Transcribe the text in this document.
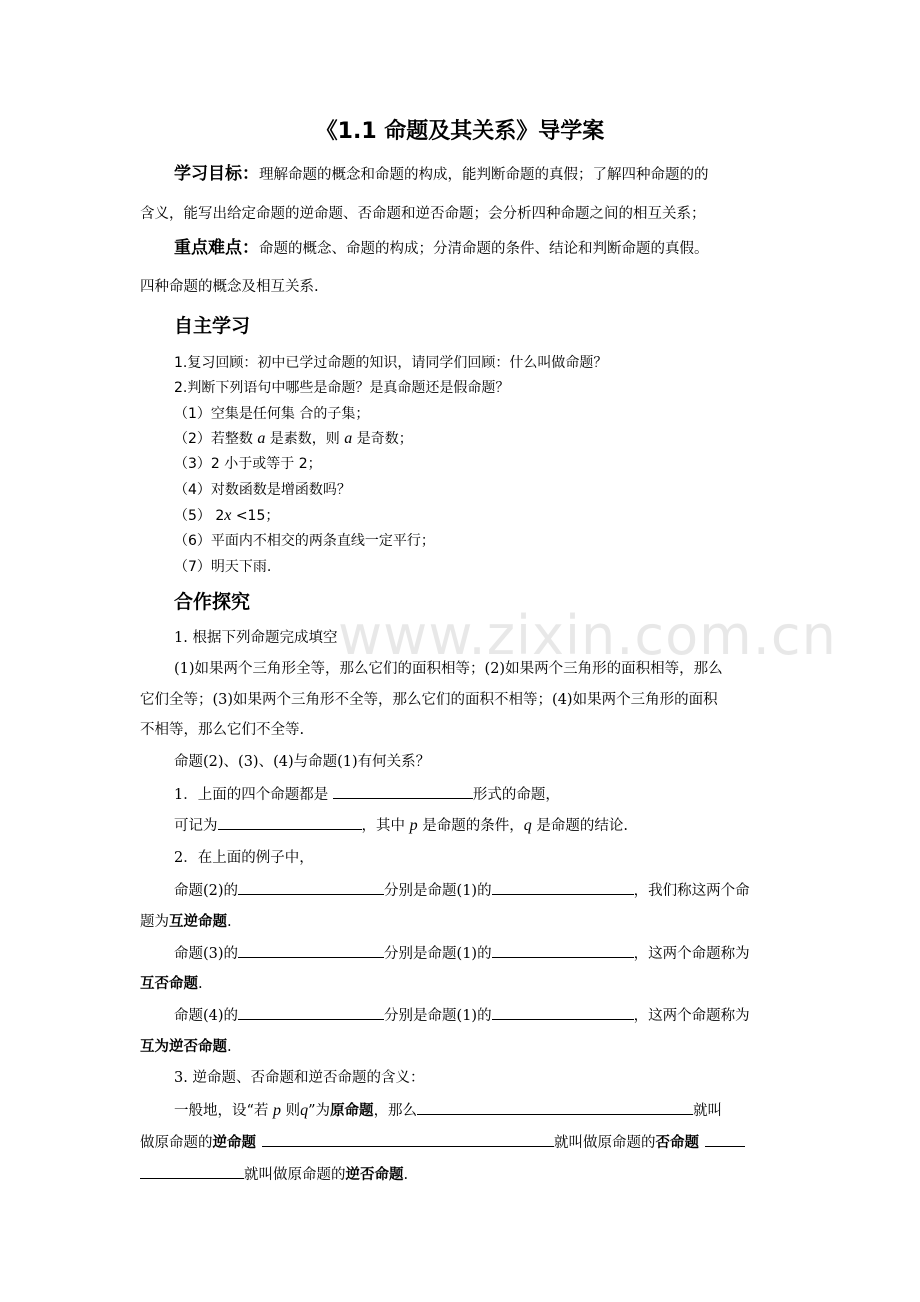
www.zixin.com.cn
《1.1 命题及其关系》导学案
学习目标：理解命题的概念和命题的构成，能判断命题的真假；了解四种命题的的
含义，能写出给定命题的逆命题、否命题和逆否命题；会分析四种命题之间的相互关系；
重点难点：命题的概念、命题的构成；分清命题的条件、结论和判断命题的真假。
四种命题的概念及相互关系.
自主学习
1.复习回顾：初中已学过命题的知识，请同学们回顾：什么叫做命题？
2.判断下列语句中哪些是命题？是真命题还是假命题？
（1）空集是任何集 合的子集；
（2）若整数 a 是素数，则 a 是奇数；
（3）2 小于或等于 2；
（4）对数函数是增函数吗？
（5） 2x <15；
（6）平面内不相交的两条直线一定平行；
（7）明天下雨.
合作探究
1. 根据下列命题完成填空
(1)如果两个三角形全等，那么它们的面积相等；(2)如果两个三角形的面积相等，那么
它们全等；(3)如果两个三角形不全等，那么它们的面积不相等；(4)如果两个三角形的面积
不相等，那么它们不全等.
命题(2)、(3)、(4)与命题(1)有何关系？
1．上面的四个命题都是	形式的命题，
可记为	，其中 p 是命题的条件，q 是命题的结论.
2．在上面的例子中，
命题(2)的	分别是命题(1)的	，我们称这两个命
题为互逆命题.
命题(3)的	分别是命题(1)的	，这两个命题称为
互否命题.
命题(4)的	分别是命题(1)的	，这两个命题称为
互为逆否命题.
3. 逆命题、否命题和逆否命题的含义：
一般地，设“若 p 则q”为原命题，那么	就叫
做原命题的逆命题	就叫做原命题的否命题
就叫做原命题的逆否命题.
